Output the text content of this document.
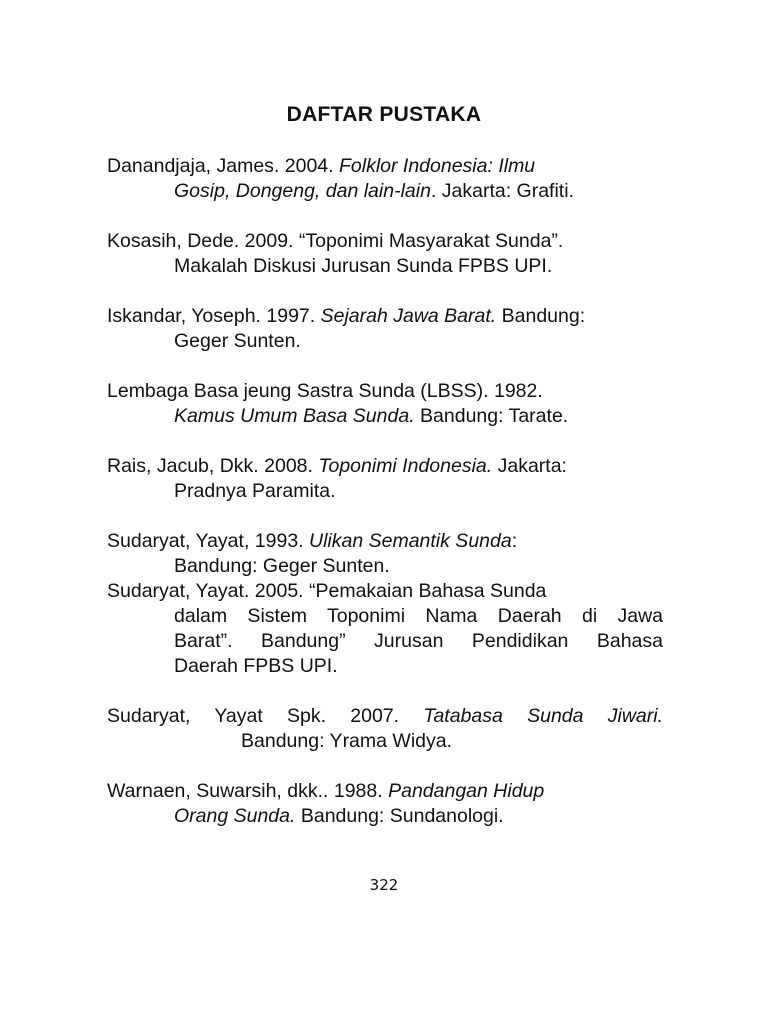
DAFTAR PUSTAKA

Danandjaja, James. 2004. Folklor Indonesia: Ilmu
Gosip, Dongeng, dan lain-lain. Jakarta: Grafiti.

Kosasih, Dede. 2009. “Toponimi Masyarakat Sunda”.
Makalah Diskusi Jurusan Sunda FPBS UPI.

Iskandar, Yoseph. 1997. Sejarah Jawa Barat. Bandung:
Geger Sunten.

Lembaga Basa jeung Sastra Sunda (LBSS). 1982.
Kamus Umum Basa Sunda. Bandung: Tarate.

Rais, Jacub, Dkk. 2008. Toponimi Indonesia. Jakarta:
Pradnya Paramita.

Sudaryat, Yayat, 1993. Ulikan Semantik Sunda:
Bandung: Geger Sunten.

Sudaryat, Yayat. 2005. “Pemakaian Bahasa Sunda
dalam Sistem Toponimi Nama Daerah di Jawa
Barat”. Bandung” Jurusan Pendidikan Bahasa
Daerah FPBS UPI.

Sudaryat, Yayat Spk. 2007. Tatabasa Sunda Jiwari.
Bandung: Yrama Widya.

Warnaen, Suwarsih, dkk.. 1988. Pandangan Hidup
Orang Sunda. Bandung: Sundanologi.

322
